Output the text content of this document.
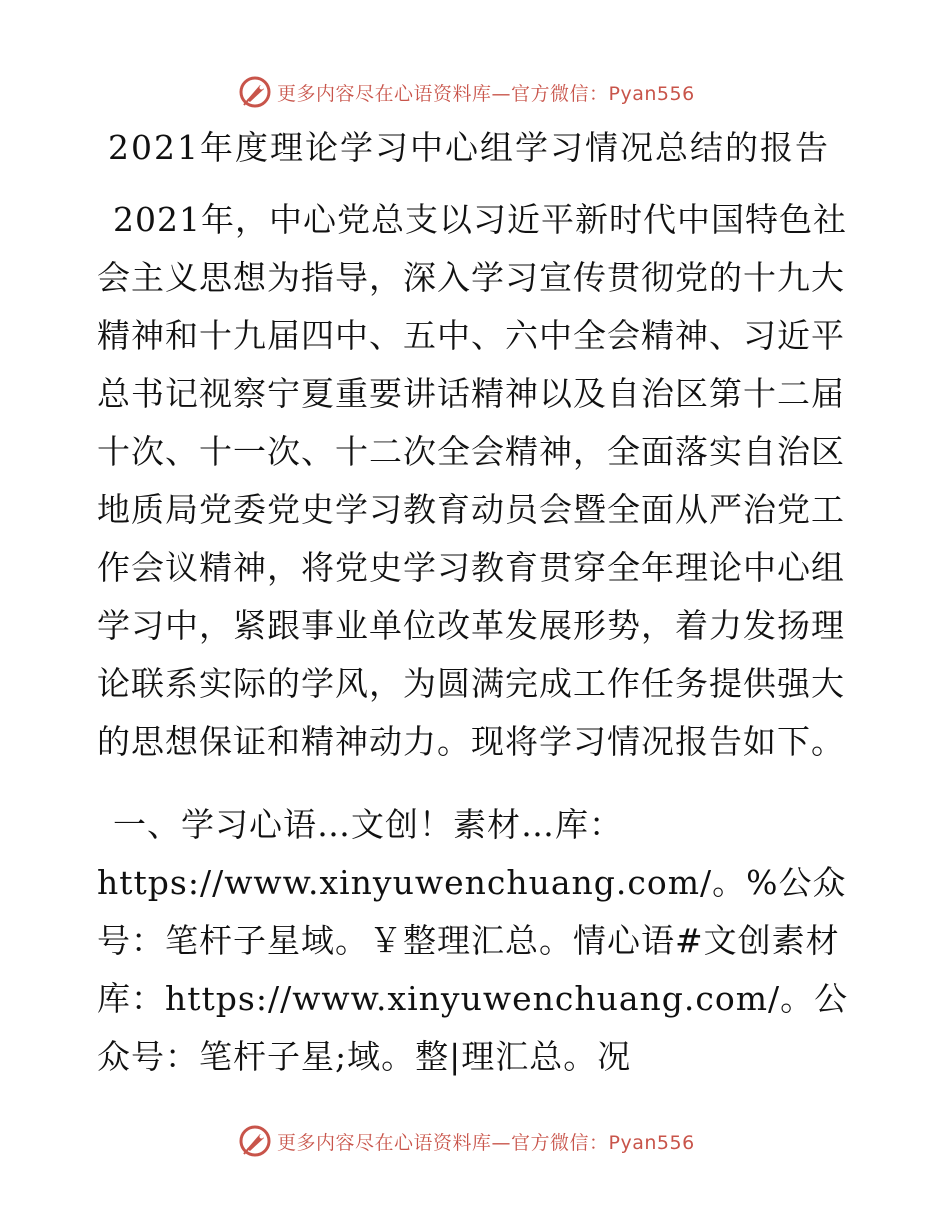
更多内容尽在心语资料库—官方微信：Pyan556
2021年度理论学习中心组学习情况总结的报告

2021年，中心党总支以习近平新时代中国特色社会主义思想为指导，深入学习宣传贯彻党的十九大精神和十九届四中、五中、六中全会精神、习近平总书记视察宁夏重要讲话精神以及自治区第十二届十次、十一次、十二次全会精神，全面落实自治区地质局党委党史学习教育动员会暨全面从严治党工作会议精神，将党史学习教育贯穿全年理论中心组学习中，紧跟事业单位改革发展形势，着力发扬理论联系实际的学风，为圆满完成工作任务提供强大的思想保证和精神动力。现将学习情况报告如下。

一、学习心语…文创！素材…库：https://www.xinyuwenchuang.com/。%公众号：笔杆子星域。￥整理汇总。情心语#文创素材库：https://www.xinyuwenchuang.com/。公众号：笔杆子星;域。整|理汇总。况

更多内容尽在心语资料库—官方微信：Pyan556
